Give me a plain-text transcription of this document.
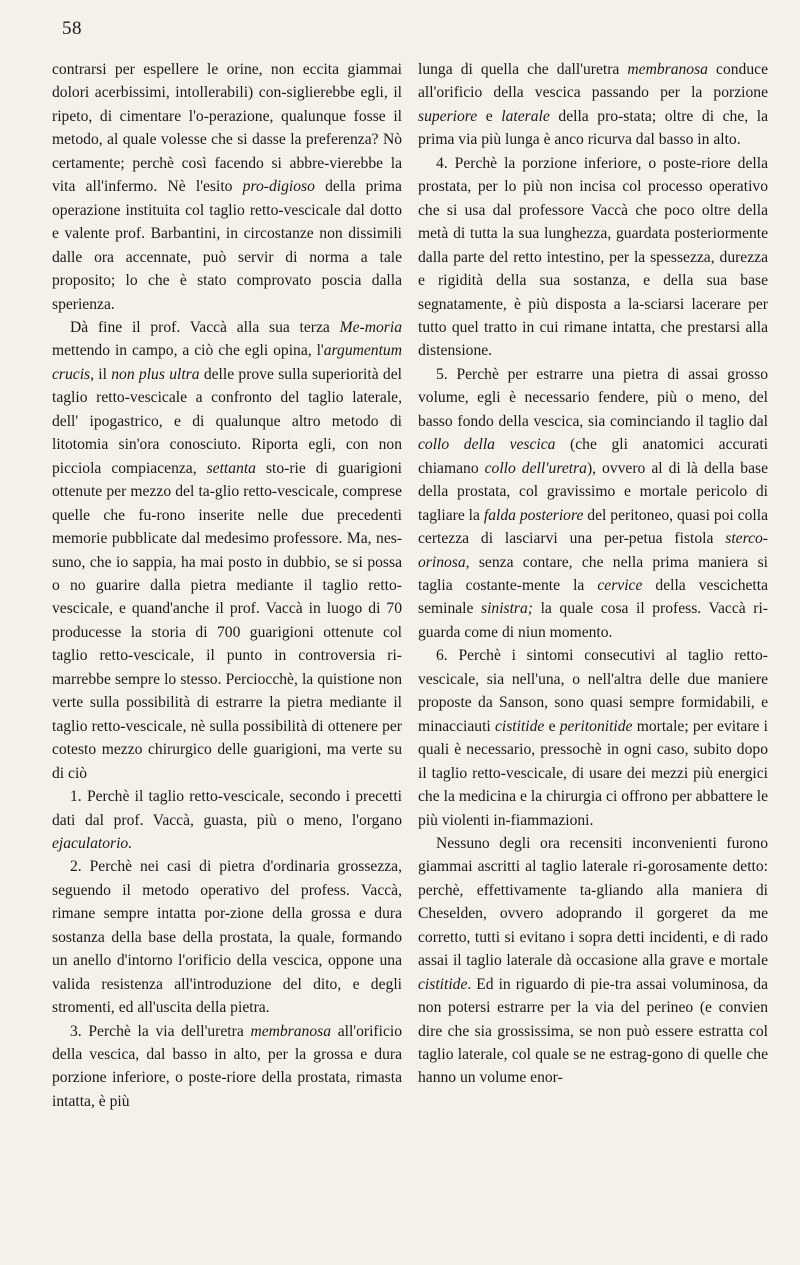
58

contrarsi per espellere le orine, non eccita giammai dolori acerbissimi, intollerabili) con-siglierebbe egli, il ripeto, di cimentare l'o-perazione, qualunque fosse il metodo, al quale volesse che si dasse la preferenza? Nò certamente; perchè così facendo si abbre-vierebbe la vita all'infermo. Nè l'esito pro-digioso della prima operazione instituita col taglio retto-vescicale dal dotto e valente prof. Barbantini, in circostanze non dissimili dalle ora accennate, può servir di norma a tale proposito; lo che è stato comprovato poscia dalla sperienza.

Dà fine il prof. Vaccà alla sua terza Me-moria mettendo in campo, a ciò che egli opina, l'argumentum crucis, il non plus ultra delle prove sulla superiorità del taglio retto-vescicale a confronto del taglio laterale, dell' ipogastrico, e di qualunque altro metodo di litotomia sin'ora conosciuto. Riporta egli, con non picciola compiacenza, settanta sto-rie di guarigioni ottenute per mezzo del ta-glio retto-vescicale, comprese quelle che fu-rono inserite nelle due precedenti memorie pubblicate dal medesimo professore. Ma, nes-suno, che io sappia, ha mai posto in dubbio, se si possa o no guarire dalla pietra mediante il taglio retto-vescicale, e quand'anche il prof. Vaccà in luogo di 70 producesse la storia di 700 guarigioni ottenute col taglio retto-vescicale, il punto in controversia ri-marrebbe sempre lo stesso. Perciocchè, la quistione non verte sulla possibilità di estrarre la pietra mediante il taglio retto-vescicale, nè sulla possibilità di ottenere per cotesto mezzo chirurgico delle guarigioni, ma verte su di ciò

1. Perchè il taglio retto-vescicale, secondo i precetti dati dal prof. Vaccà, guasta, più o meno, l'organo ejaculatorio.

2. Perchè nei casi di pietra d'ordinaria grossezza, seguendo il metodo operativo del profess. Vaccà, rimane sempre intatta por-zione della grossa e dura sostanza della base della prostata, la quale, formando un anello d'intorno l'orificio della vescica, oppone una valida resistenza all'introduzione del dito, e degli stromenti, ed all'uscita della pietra.

3. Perchè la via dell'uretra membranosa all'orificio della vescica, dal basso in alto, per la grossa e dura porzione inferiore, o poste-riore della prostata, rimasta intatta, è più

lunga di quella che dall'uretra membranosa conduce all'orificio della vescica passando per la porzione superiore e laterale della pro-stata; oltre di che, la prima via più lunga è anco ricurva dal basso in alto.

4. Perchè la porzione inferiore, o poste-riore della prostata, per lo più non incisa col processo operativo che si usa dal professore Vaccà che poco oltre della metà di tutta la sua lunghezza, guardata posteriormente dalla parte del retto intestino, per la spessezza, durezza e rigidità della sua sostanza, e della sua base segnatamente, è più disposta a la-sciarsi lacerare per tutto quel tratto in cui rimane intatta, che prestarsi alla distensione.

5. Perchè per estrarre una pietra di assai grosso volume, egli è necessario fendere, più o meno, del basso fondo della vescica, sia cominciando il taglio dal collo della vescica (che gli anatomici accurati chiamano collo dell'uretra), ovvero al di là della base della prostata, col gravissimo e mortale pericolo di tagliare la falda posteriore del peritoneo, quasi poi colla certezza di lasciarvi una per-petua fistola sterco-orinosa, senza contare, che nella prima maniera si taglia costante-mente la cervice della vescichetta seminale sinistra; la quale cosa il profess. Vaccà ri-guarda come di niun momento.

6. Perchè i sintomi consecutivi al taglio retto-vescicale, sia nell'una, o nell'altra delle due maniere proposte da Sanson, sono quasi sempre formidabili, e minacciauti cistitide e peritonitide mortale; per evitare i quali è necessario, pressochè in ogni caso, subito dopo il taglio retto-vescicale, di usare dei mezzi più energici che la medicina e la chirurgia ci offrono per abbattere le più violenti in-fiammazioni.

Nessuno degli ora recensiti inconvenienti furono giammai ascritti al taglio laterale ri-gorosamente detto: perchè, effettivamente ta-gliando alla maniera di Cheselden, ovvero adoprando il gorgeret da me corretto, tutti si evitano i sopra detti incidenti, e di rado assai il taglio laterale dà occasione alla grave e mortale cistitide. Ed in riguardo di pie-tra assai voluminosa, da non potersi estrarre per la via del perineo (e convien dire che sia grossissima, se non può essere estratta col taglio laterale, col quale se ne estrag-gono di quelle che hanno un volume enor-
